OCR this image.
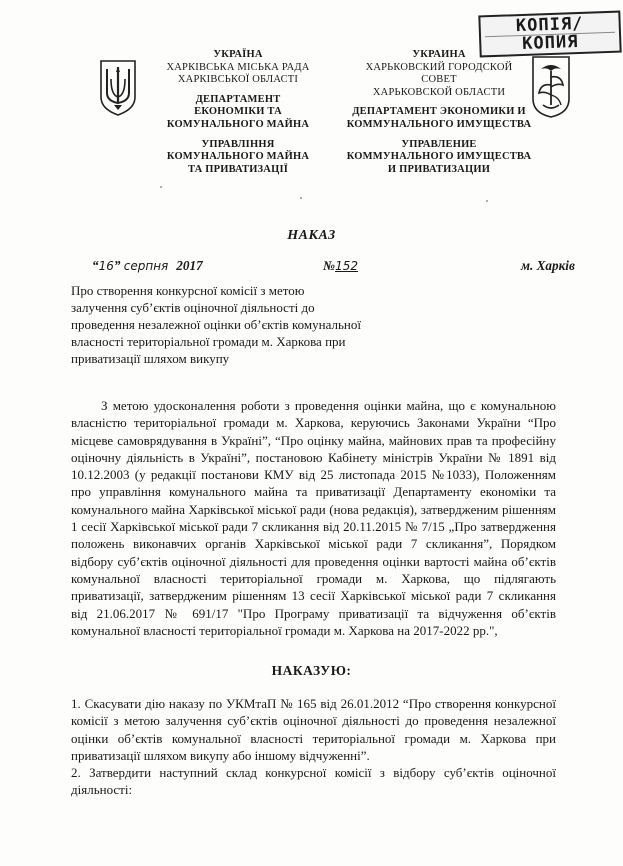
КОПІЯ/
КОПИЯ
УКРАЇНА
ХАРКІВСЬКА МІСЬКА РАДА
ХАРКІВСЬКОЇ ОБЛАСТІ
ДЕПАРТАМЕНТ
ЕКОНОМІКИ ТА
КОМУНАЛЬНОГО МАЙНА
УПРАВЛІННЯ
КОМУНАЛЬНОГО МАЙНА
ТА ПРИВАТИЗАЦІЇ
УКРАИНА
ХАРЬКОВСКИЙ ГОРОДСКОЙ
СОВЕТ
ХАРЬКОВСКОЙ ОБЛАСТИ
ДЕПАРТАМЕНТ ЭКОНОМИКИ И
КОММУНАЛЬНОГО ИМУЩЕСТВА
УПРАВЛЕНИЕ
КОММУНАЛЬНОГО ИМУЩЕСТВА
И ПРИВАТИЗАЦИИ
НАКАЗ
“16” серпня 2017	№152	м. Харків
Про створення конкурсної комісії з метою залучення суб’єктів оціночної діяльності до проведення незалежної оцінки об’єктів комунальної власності територіальної громади м. Харкова при приватизації шляхом викупу
З метою удосконалення роботи з проведення оцінки майна, що є комунальною власністю територіальної громади м. Харкова, керуючись Законами України “Про місцеве самоврядування в Україні”, “Про оцінку майна, майнових прав та професійну оціночну діяльність в Україні”, постановою Кабінету міністрів України № 1891 від 10.12.2003 (у редакції постанови КМУ від 25 листопада 2015 №1033), Положенням про управління комунального майна та приватизації Департаменту економіки та комунального майна Харківської міської ради (нова редакція), затвердженим рішенням 1 сесії Харківської міської ради 7 скликання від 20.11.2015 № 7/15 „Про затвердження положень виконавчих органів Харківської міської ради 7 скликання”, Порядком відбору суб’єктів оціночної діяльності для проведення оцінки вартості майна об’єктів комунальної власності територіальної громади м. Харкова, що підлягають приватизації, затвердженим рішенням 13 сесії Харківської міської ради 7 скликання від 21.06.2017 № 691/17 "Про Програму приватизації та відчуження об’єктів комунальної власності територіальної громади м. Харкова на 2017-2022 рр.",
НАКАЗУЮ:

1. Скасувати дію наказу по УКМтаП № 165 від 26.01.2012 “Про створення конкурсної комісії з метою залучення суб’єктів оціночної діяльності до проведення незалежної оцінки об’єктів комунальної власності територіальної громади м. Харкова при приватизації шляхом викупу або іншому відчуженні”.

2. Затвердити наступний склад конкурсної комісії з відбору суб’єктів оціночної діяльності:
